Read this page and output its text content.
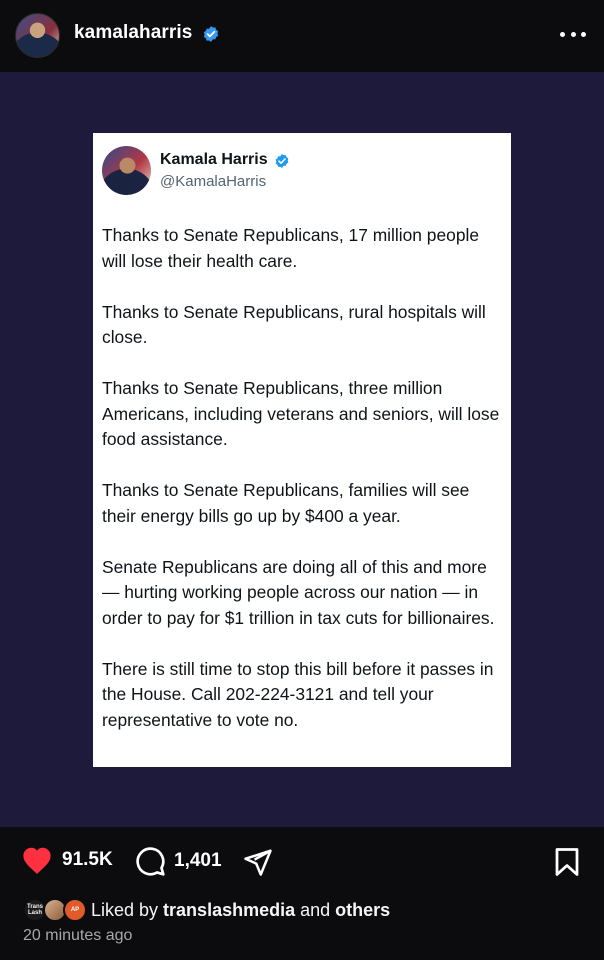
kamalaharris
Kamala Harris
@KamalaHarris

Thanks to Senate Republicans, 17 million people will lose their health care.

Thanks to Senate Republicans, rural hospitals will close.

Thanks to Senate Republicans, three million Americans, including veterans and seniors, will lose food assistance.

Thanks to Senate Republicans, families will see their energy bills go up by $400 a year.

Senate Republicans are doing all of this and more — hurting working people across our nation — in order to pay for $1 trillion in tax cuts for billionaires.

There is still time to stop this bill before it passes in the House. Call 202-224-3121 and tell your representative to vote no.

91.5K	1,401
Trans Lash	AP Liked by translashmedia and others
20 minutes ago
